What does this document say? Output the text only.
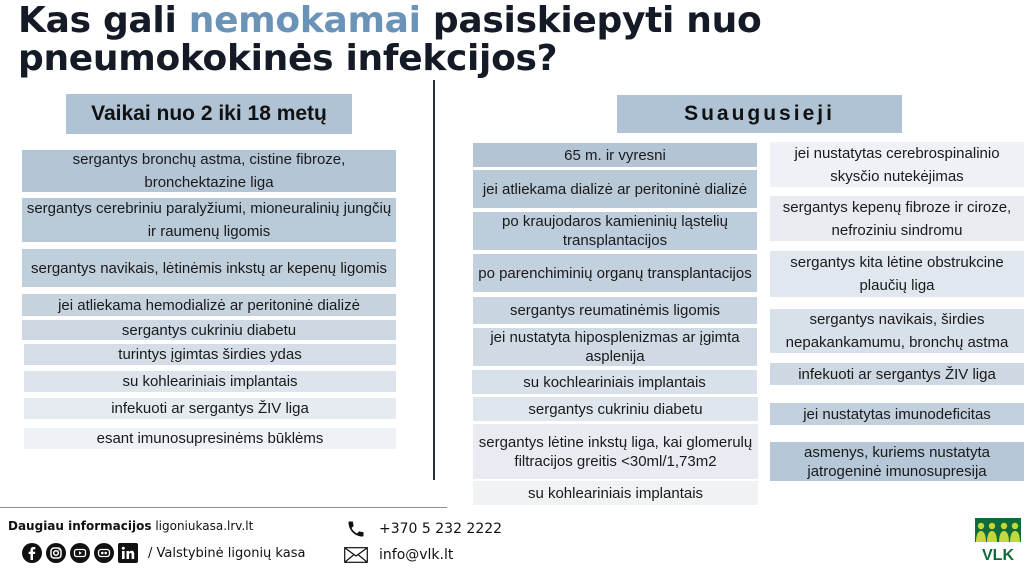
Kas gali nemokamai pasiskiepyti nuo pneumokokinės infekcijos?
Vaikai nuo 2 iki 18 metų	Suaugusieji
sergantys bronchų astma, cistine fibroze, bronchektazine liga
sergantys cerebriniu paralyžiumi, mioneuralinių jungčių ir raumenų ligomis
sergantys navikais, lėtinėmis inkstų ar kepenų ligomis
jei atliekama hemodializė ar peritoninė dializė
sergantys cukriniu diabetu
turintys įgimtas širdies ydas
su kohleariniais implantais
infekuoti ar sergantys ŽIV liga
esant imunosupresinėms būklėms
65 m. ir vyresni
jei atliekama dializė ar peritoninė dializė
po kraujodaros kamieninių ląstelių transplantacijos
po parenchiminių organų transplantacijos
sergantys reumatinėmis ligomis
jei nustatyta hiposplenizmas ar įgimta asplenija
su kochleariniais implantais
sergantys cukriniu diabetu
sergantys lėtine inkstų liga, kai glomerulų filtracijos greitis <30ml/1,73m2
su kohleariniais implantais
jei nustatytas cerebrospinalinio skysčio nutekėjimas
sergantys kepenų fibroze ir ciroze, nefroziniu sindromu
sergantys kita lėtine obstrukcine plaučių liga
sergantys navikais, širdies nepakankamumu, bronchų astma
infekuoti ar sergantys ŽIV liga
jei nustatytas imunodeficitas
asmenys, kuriems nustatyta jatrogeninė imunosupresija
Daugiau informacijos ligoniukasa.lrv.lt
/ Valstybinė ligonių kasa
+370 5 232 2222
info@vlk.lt	VLK
